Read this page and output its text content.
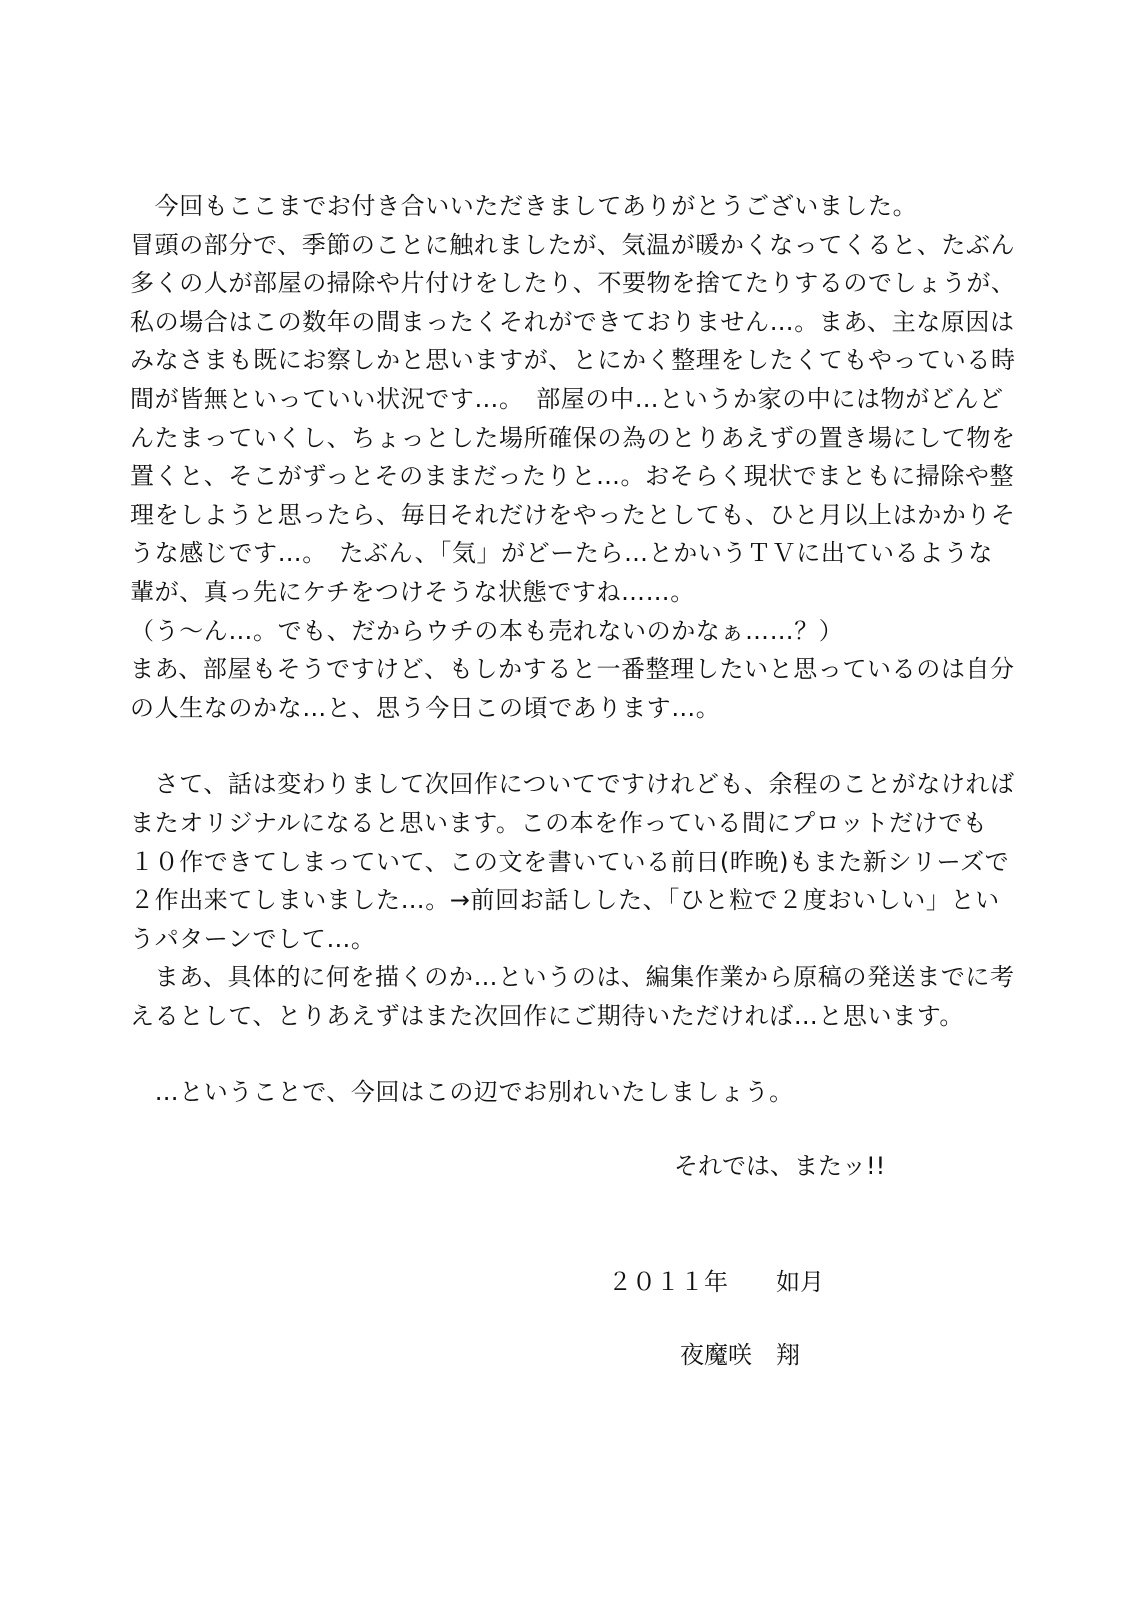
　今回もここまでお付き合いいただきましてありがとうございました。
冒頭の部分で、季節のことに触れましたが、気温が暖かくなってくると、たぶん
多くの人が部屋の掃除や片付けをしたり、不要物を捨てたりするのでしょうが、
私の場合はこの数年の間まったくそれができておりません…。まあ、主な原因は
みなさまも既にお察しかと思いますが、とにかく整理をしたくてもやっている時
間が皆無といっていい状況です…。　部屋の中…というか家の中には物がどんど
んたまっていくし、ちょっとした場所確保の為のとりあえずの置き場にして物を
置くと、そこがずっとそのままだったりと…。おそらく現状でまともに掃除や整
理をしようと思ったら、毎日それだけをやったとしても、ひと月以上はかかりそ
うな感じです…。　たぶん、「気」がどーたら…とかいうＴＶに出ているような
輩が、真っ先にケチをつけそうな状態ですね……。
（う～ん…。でも、だからウチの本も売れないのかなぁ……？）
まあ、部屋もそうですけど、もしかすると一番整理したいと思っているのは自分
の人生なのかな…と、思う今日この頃であります…。
　さて、話は変わりまして次回作についてですけれども、余程のことがなければ
またオリジナルになると思います。この本を作っている間にプロットだけでも
１０作できてしまっていて、この文を書いている前日(昨晩)もまた新シリーズで
２作出来てしまいました…。→前回お話しした、「ひと粒で２度おいしい」とい
うパターンでして…。
　まあ、具体的に何を描くのか…というのは、編集作業から原稿の発送までに考
えるとして、とりあえずはまた次回作にご期待いただければ…と思います。
　…ということで、今回はこの辺でお別れいたしましょう。
それでは、またッ!!
２０１１年　　如月
夜魔咲　翔
